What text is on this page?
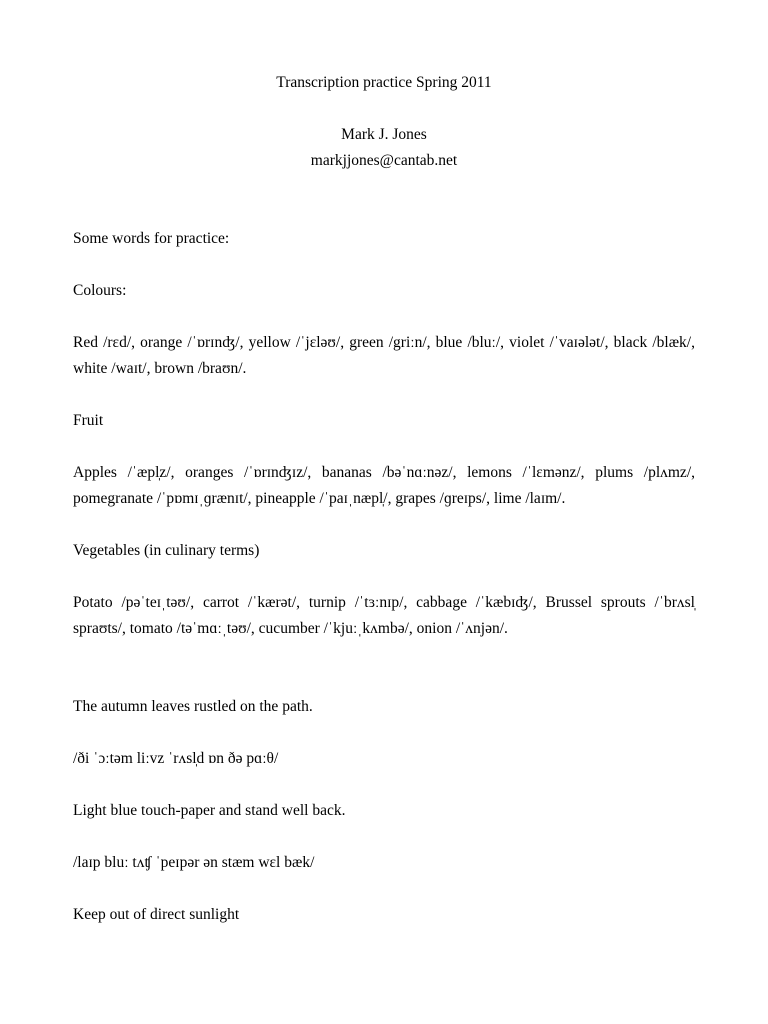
Transcription practice Spring 2011

Mark J. Jones
markjjones@cantab.net

Some words for practice:

Colours:

Red /rɛd/, orange /ˈɒrɪnʤ/, yellow /ˈjɛləʊ/, green /griːn/, blue /bluː/, violet /ˈvaɪələt/, black /blæk/, white /waɪt/, brown /braʊn/.

Fruit

Apples /ˈæpl̩z/, oranges /ˈɒrɪnʤɪz/, bananas /bəˈnɑːnəz/, lemons /ˈlɛmənz/, plums /plʌmz/, pomegranate /ˈpɒmɪˌɡrænɪt/, pineapple /ˈpaɪˌnæpl̩/, grapes /ɡreɪps/, lime /laɪm/.

Vegetables (in culinary terms)

Potato /pəˈteɪˌtəʊ/, carrot /ˈkærət/, turnip /ˈtɜːnɪp/, cabbage /ˈkæbɪʤ/, Brussel sprouts /ˈbrʌsl̩ spraʊts/, tomato /təˈmɑːˌtəʊ/, cucumber /ˈkjuːˌkʌmbə/, onion /ˈʌnjən/.

The autumn leaves rustled on the path.

/ði ˈɔːtəm liːvz ˈrʌsl̩d ɒn ðə pɑːθ/

Light blue touch-paper and stand well back.

/laɪp bluː tʌʧ ˈpeɪpər ən stæm wɛl bæk/

Keep out of direct sunlight
